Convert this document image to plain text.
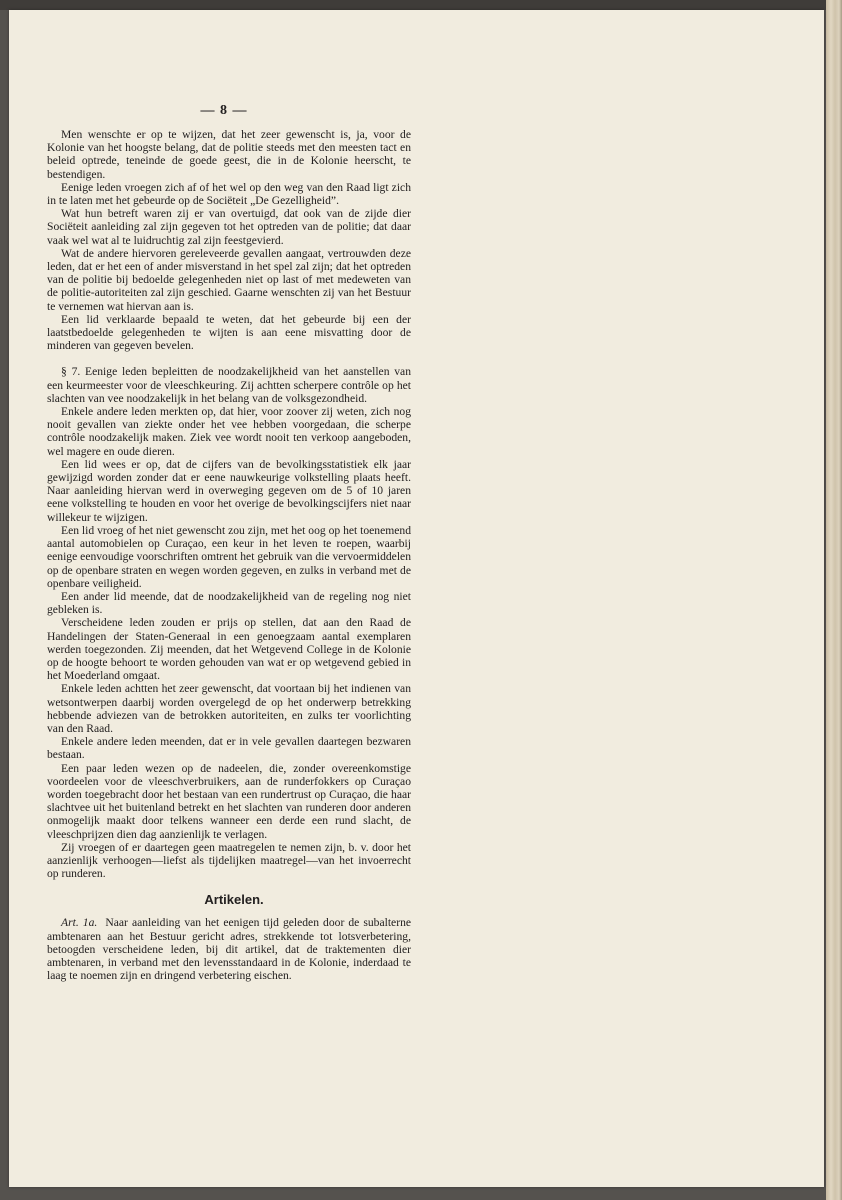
— 8 —

Men wenschte er op te wijzen, dat het zeer gewenscht is, ja, voor de Kolonie van het hoogste belang, dat de politie steeds met den meesten tact en beleid optrede, teneinde de goede geest, die in de Kolonie heerscht, te bestendigen.

Eenige leden vroegen zich af of het wel op den weg van den Raad ligt zich in te laten met het gebeurde op de Sociëteit „De Gezelligheid”.

Wat hun betreft waren zij er van overtuigd, dat ook van de zijde dier Sociëteit aanleiding zal zijn gegeven tot het optreden van de politie; dat daar vaak wel wat al te luidruchtig zal zijn feestgevierd.

Wat de andere hiervoren gereleveerde gevallen aangaat, vertrouwden deze leden, dat er het een of ander misverstand in het spel zal zijn; dat het optreden van de politie bij bedoelde gelegenheden niet op last of met medeweten van de politie-autoriteiten zal zijn geschied. Gaarne wenschten zij van het Bestuur te vernemen wat hiervan aan is.

Een lid verklaarde bepaald te weten, dat het gebeurde bij een der laatstbedoelde gelegenheden te wijten is aan eene misvatting door de minderen van gegeven bevelen.

§ 7. Eenige leden bepleitten de noodzakelijkheid van het aanstellen van een keurmeester voor de vleeschkeuring. Zij achtten scherpere contrôle op het slachten van vee noodzakelijk in het belang van de volksgezondheid.

Enkele andere leden merkten op, dat hier, voor zoover zij weten, zich nog nooit gevallen van ziekte onder het vee hebben voorgedaan, die scherpe contrôle noodzakelijk maken. Ziek vee wordt nooit ten verkoop aangeboden, wel magere en oude dieren.

Een lid wees er op, dat de cijfers van de bevolkingsstatistiek elk jaar gewijzigd worden zonder dat er eene nauwkeurige volkstelling plaats heeft. Naar aanleiding hiervan werd in overweging gegeven om de 5 of 10 jaren eene volkstelling te houden en voor het overige de bevolkingscijfers niet naar willekeur te wijzigen.

Een lid vroeg of het niet gewenscht zou zijn, met het oog op het toenemend aantal automobielen op Curaçao, een keur in het leven te roepen, waarbij eenige eenvoudige voorschriften omtrent het gebruik van die vervoermiddelen op de openbare straten en wegen worden gegeven, en zulks in verband met de openbare veiligheid.

Een ander lid meende, dat de noodzakelijkheid van de regeling nog niet gebleken is.

Verscheidene leden zouden er prijs op stellen, dat aan den Raad de Handelingen der Staten-Generaal in een genoegzaam aantal exemplaren werden toegezonden. Zij meenden, dat het Wetgevend College in de Kolonie op de hoogte behoort te worden gehouden van wat er op wetgevend gebied in het Moederland omgaat.

Enkele leden achtten het zeer gewenscht, dat voortaan bij het indienen van wetsontwerpen daarbij worden overgelegd de op het onderwerp betrekking hebbende adviezen van de betrokken autoriteiten, en zulks ter voorlichting van den Raad.

Enkele andere leden meenden, dat er in vele gevallen daartegen bezwaren bestaan.

Een paar leden wezen op de nadeelen, die, zonder overeenkomstige voordeelen voor de vleeschverbruikers, aan de runderfokkers op Curaçao worden toegebracht door het bestaan van een rundertrust op Curaçao, die haar slachtvee uit het buitenland betrekt en het slachten van runderen door anderen onmogelijk maakt door telkens wanneer een derde een rund slacht, de vleeschprijzen dien dag aanzienlijk te verlagen.

Zij vroegen of er daartegen geen maatregelen te nemen zijn, b. v. door het aanzienlijk verhoogen—liefst als tijdelijken maatregel—van het invoerrecht op runderen.

Artikelen.

Art. 1a. Naar aanleiding van het eenigen tijd geleden door de subalterne ambtenaren aan het Bestuur gericht adres, strekkende tot lotsverbetering, betoogden verscheidene leden, bij dit artikel, dat de traktementen dier ambtenaren, in verband met den levensstandaard in de Kolonie, inderdaad te laag te noemen zijn en dringend verbetering eischen.
